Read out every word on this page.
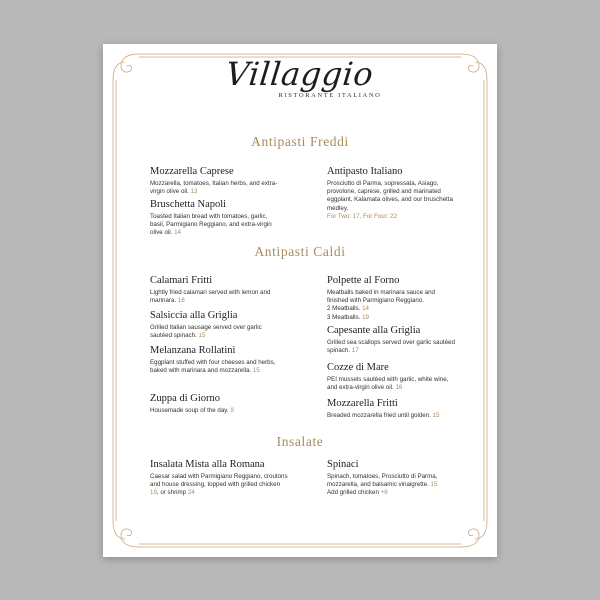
Villaggio
RISTORANTE ITALIANO
Antipasti Freddi
Mozzarella Caprese
Mozzarella, tomatoes, Italian herbs, and extra-virgin olive oil. 13
Bruschetta Napoli
Toasted Italian bread with tomatoes, garlic, basil, Parmigiano Reggiano, and extra-virgin olive oil. 14
Antipasto Italiano
Prosciutto di Parma, sopressata, Asiago, provolone, caprese, grilled and marinated eggplant, Kalamata olives, and our bruschetta medley.
For Two: 17, For Four: 22
Antipasti Caldi
Calamari Fritti
Lightly fried calamari served with lemon and marinara. 16
Salsiccia alla Griglia
Grilled Italian sausage served over garlic sautéed spinach. 15
Melanzana Rollatini
Eggplant stuffed with four cheeses and herbs, baked with marinara and mozzarella. 15
Zuppa di Giorno
Housemade soup of the day. 9
Polpette al Forno
Meatballs baked in marinara sauce and finished with Parmigiano Reggiano.
2 Meatballs. 14
3 Meatballs. 19
Capesante alla Griglia
Grilled sea scallops served over garlic sautéed spinach. 17
Cozze di Mare
PEI mussels sautéed with garlic, white wine, and extra-virgin olive oil. 16
Mozzarella Fritti
Breaded mozzarella fried until golden. 15
Insalate
Insalata Mista alla Romana
Caesar salad with Parmigiano Reggiano, croutons and house dressing, topped with grilled chicken 19, or shrimp 24
Spinaci
Spinach, tomatoes, Prosciutto di Parma, mozzarella, and balsamic vinaigrette. 15
Add grilled chicken +6
